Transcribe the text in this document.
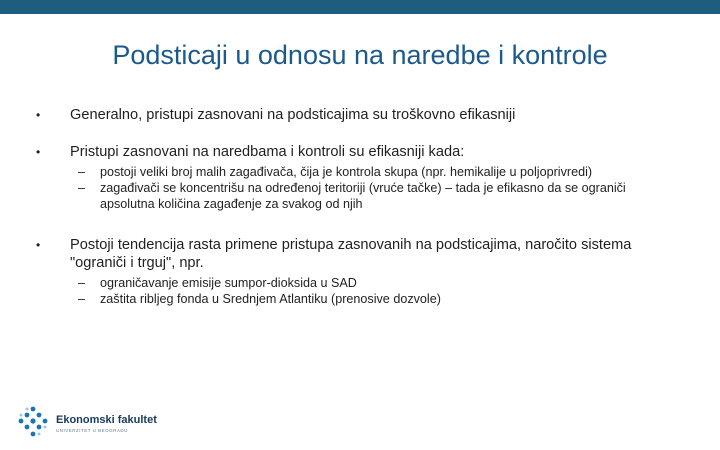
Podsticaji u odnosu na naredbe i kontrole
• Generalno, pristupi zasnovani na podsticajima su troškovno efikasniji
• Pristupi zasnovani na naredbama i kontroli su efikasniji kada:
– postoji veliki broj malih zagađivača, čija je kontrola skupa (npr. hemikalije u poljoprivredi)
– zagađivači se koncentrišu na određenoj teritoriji (vruće tačke) – tada je efikasno da se ograniči apsolutna količina zagađenje za svakog od njih
• Postoji tendencija rasta primene pristupa zasnovanih na podsticajima, naročito sistema "ograniči i trguj", npr.
– ograničavanje emisije sumpor-dioksida u SAD
– zaštita ribljeg fonda u Srednjem Atlantiku (prenosive dozvole)
Ekonomski fakultet
UNIVERZITET U BEOGRADU
